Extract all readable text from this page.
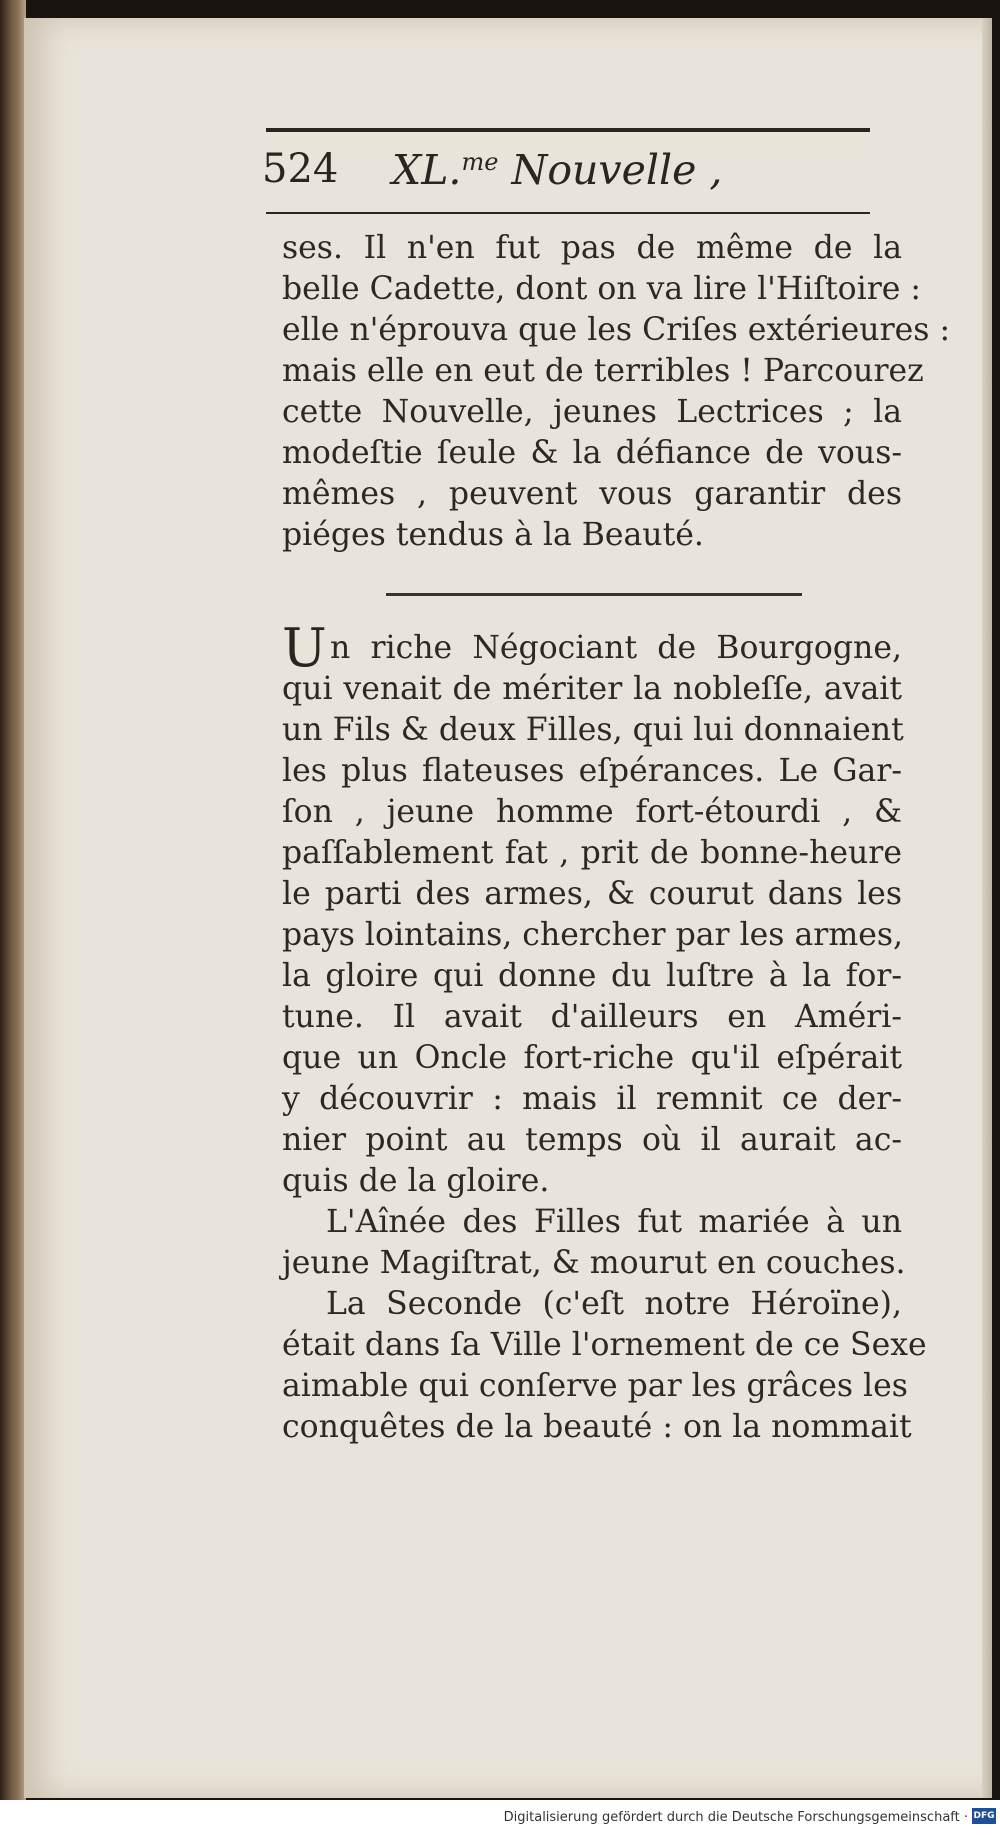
524 XL.$^{me}$ Nouvelle ,
ses. Il n'en fut pas de même de la
belle Cadette, dont on va lire l'Hiſtoire :
elle n'éprouva que les Criſes extérieures :
mais elle en eut de terribles ! Parcourez
cette Nouvelle, jeunes Lectrices ; la
modeſtie ſeule & la défiance de vous-
mêmes , peuvent vous garantir des
piéges tendus à la Beauté.
U n riche Négociant de Bourgogne,
qui venait de mériter la nobleſſe, avait
un Fils & deux Filles, qui lui donnaient
les plus flateuses eſpérances. Le Gar-
ſon , jeune homme fort-étourdi , &
paſſablement fat , prit de bonne-heure
le parti des armes, & courut dans les
pays lointains, chercher par les armes,
la gloire qui donne du luſtre à la for-
tune. Il avait d'ailleurs en Améri-
que un Oncle fort-riche qu'il eſpérait
y découvrir : mais il remnit ce der-
nier point au temps où il aurait ac-
quis de la gloire.
L'Aînée des Filles fut mariée à un
jeune Magiſtrat, & mourut en couches.
La Seconde (c'eſt notre Héroïne),
était dans ſa Ville l'ornement de ce Sexe
aimable qui conſerve par les grâces les
conquêtes de la beauté : on la nommait
Digitalisierung gefördert durch die Deutsche Forschungsgemeinschaft · DFG
